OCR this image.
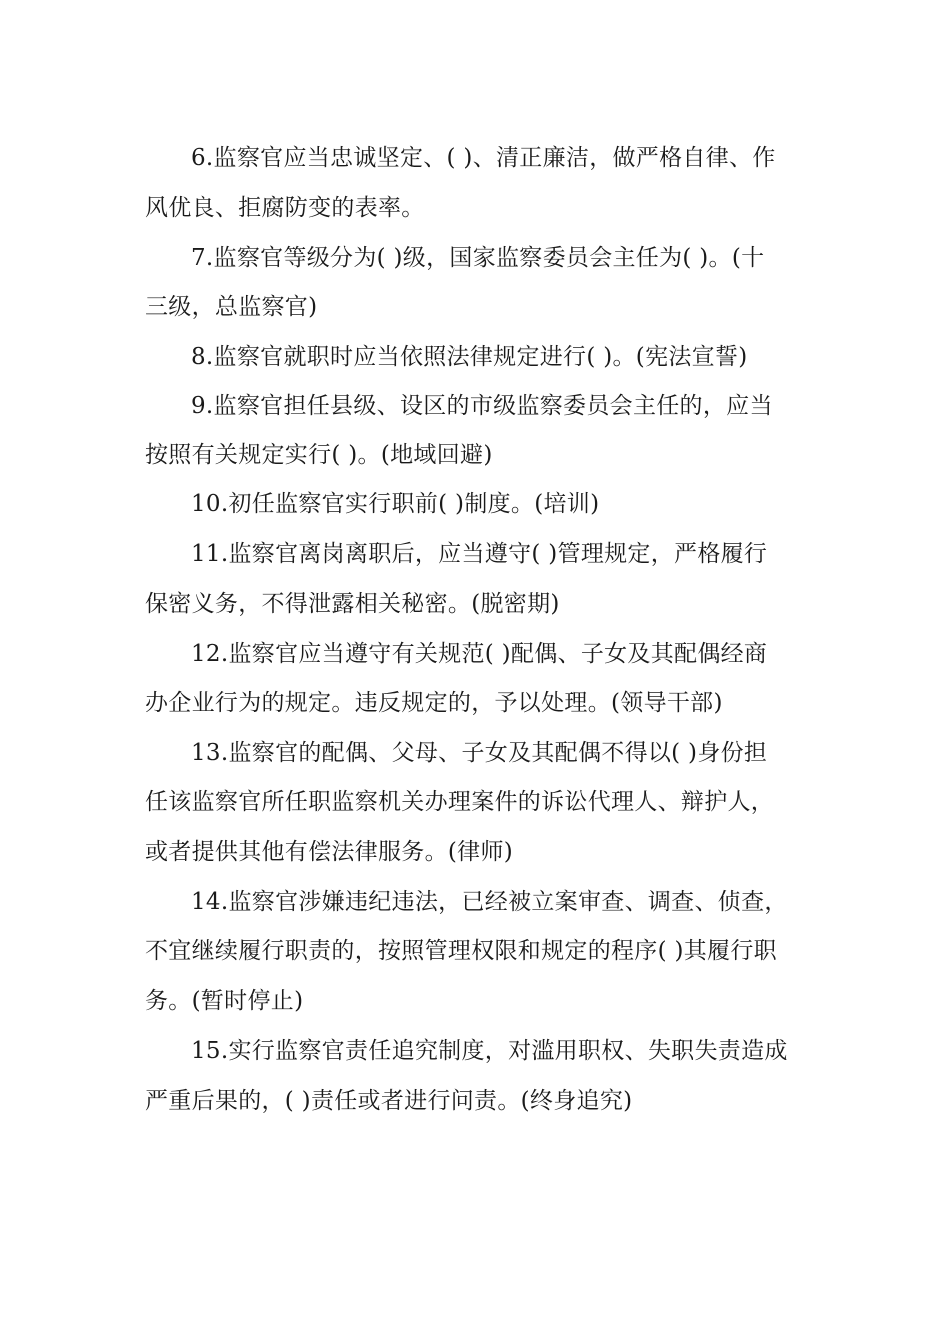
6.监察官应当忠诚坚定、( )、清正廉洁，做严格自律、作
风优良、拒腐防变的表率。
7.监察官等级分为( )级，国家监察委员会主任为( )。(十
三级，总监察官)
8.监察官就职时应当依照法律规定进行( )。(宪法宣誓)
9.监察官担任县级、设区的市级监察委员会主任的，应当
按照有关规定实行( )。(地域回避)
10.初任监察官实行职前( )制度。(培训)
11.监察官离岗离职后，应当遵守( )管理规定，严格履行
保密义务，不得泄露相关秘密。(脱密期)
12.监察官应当遵守有关规范( )配偶、子女及其配偶经商
办企业行为的规定。违反规定的，予以处理。(领导干部)
13.监察官的配偶、父母、子女及其配偶不得以( )身份担
任该监察官所任职监察机关办理案件的诉讼代理人、辩护人，
或者提供其他有偿法律服务。(律师)
14.监察官涉嫌违纪违法，已经被立案审查、调查、侦查，
不宜继续履行职责的，按照管理权限和规定的程序( )其履行职
务。(暂时停止)
15.实行监察官责任追究制度，对滥用职权、失职失责造成
严重后果的，( )责任或者进行问责。(终身追究)
